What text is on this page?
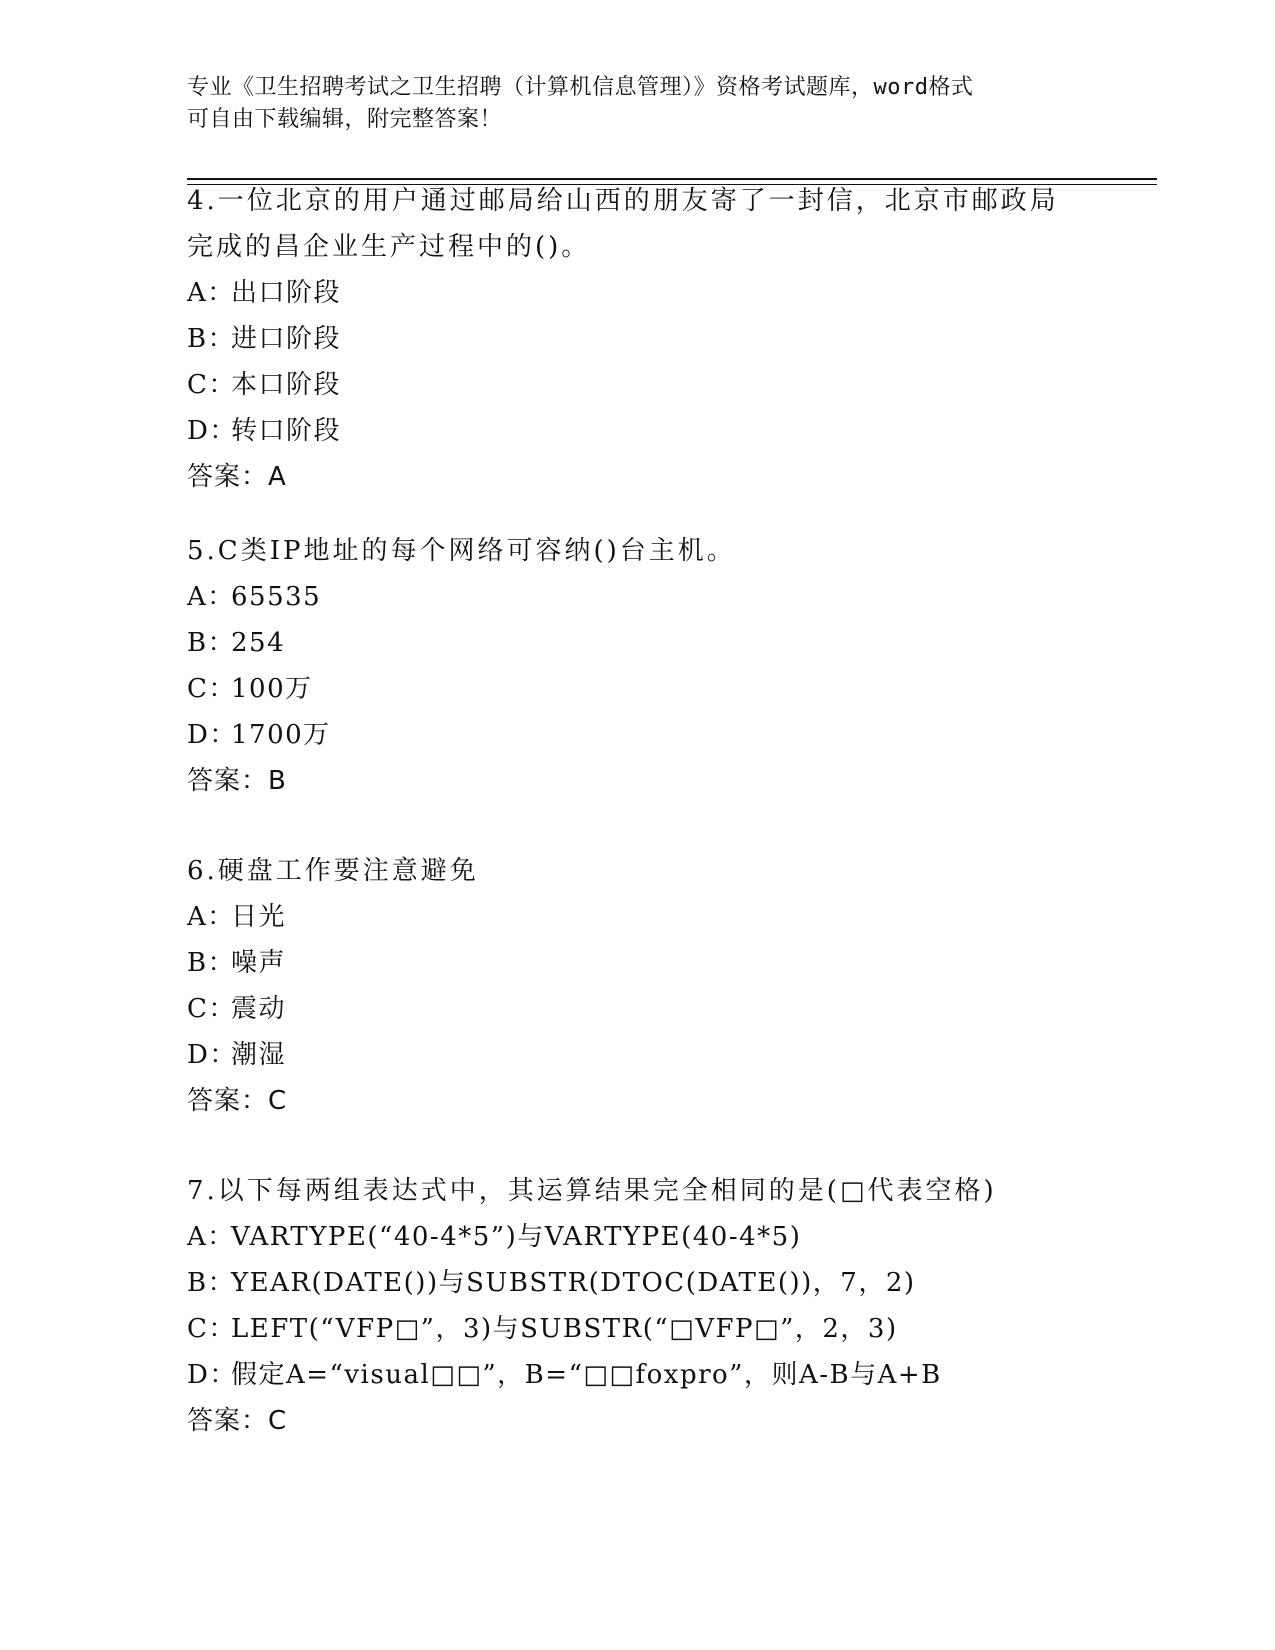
专业《卫生招聘考试之卫生招聘（计算机信息管理）》资格考试题库，word格式
可自由下载编辑，附完整答案！
4.一位北京的用户通过邮局给山西的朋友寄了一封信，北京市邮政局
完成的昌企业生产过程中的()。
A：出口阶段
B：进口阶段
C：本口阶段
D：转口阶段
答案：A
5.C类IP地址的每个网络可容纳()台主机。
A：65535
B：254
C：100万
D：1700万
答案：B
6.硬盘工作要注意避免
A：日光
B：噪声
C：震动
D：潮湿
答案：C
7.以下每两组表达式中，其运算结果完全相同的是(□代表空格)
A：VARTYPE(“40-4*5”)与VARTYPE(40-4*5)
B：YEAR(DATE())与SUBSTR(DTOC(DATE())，7，2)
C：LEFT(“VFP□”，3)与SUBSTR(“□VFP□”，2，3)
D：假定A=“visual□□”，B=“□□foxpro”，则A-B与A+B
答案：C
